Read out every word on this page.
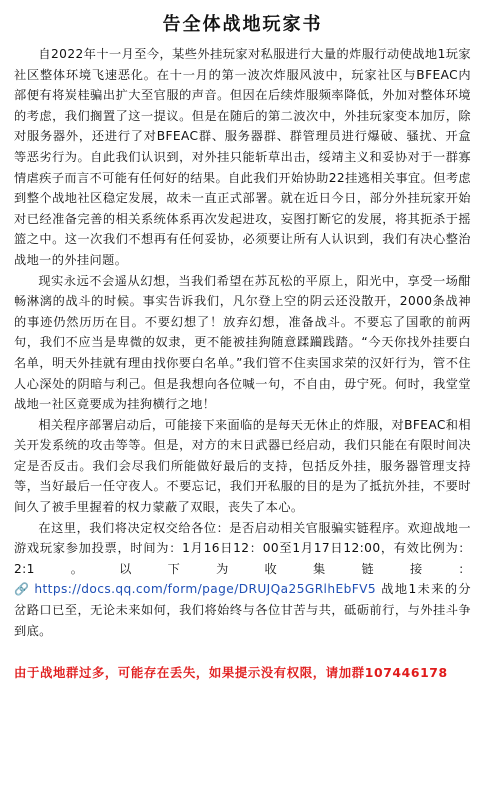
告全体战地玩家书

自2022年十一月至今，某些外挂玩家对私服进行大量的炸服行动使战地1玩家社区整体环境飞速恶化。在十一月的第一波次炸服风波中，玩家社区与BFEAC内部便有将炭桂骗出扩大至官服的声音。但因在后续炸服频率降低，外加对整体环境的考虑，我们搁置了这一提议。但是在随后的第二波次中，外挂玩家变本加厉，除对服务器外，还进行了对BFEAC群、服务器群、群管理员进行爆破、骚扰、开盒等恶劣行为。自此我们认识到，对外挂只能斩草出击，绥靖主义和妥协对于一群寡情虐疾子而言不可能有任何好的结果。自此我们开始协助22挂逃相关事宜。但考虑到整个战地社区稳定发展，故未一直正式部署。就在近日今日，部分外挂玩家开始对已经准备完善的相关系统体系再次发起进攻，妄图打断它的发展，将其扼杀于摇篮之中。这一次我们不想再有任何妥协，必须要让所有人认识到，我们有决心整治战地一的外挂问题。

现实永远不会遥从幻想，当我们希望在苏瓦松的平原上，阳光中，享受一场酣畅淋漓的战斗的时候。事实告诉我们，凡尔登上空的阴云还没散开，2000条战神的事迹仍然历历在目。不要幻想了！放弃幻想，准备战斗。不要忘了国歌的前两句，我们不应当是卑微的奴隶，更不能被挂狗随意蹂躏践踏。“今天你找外挂要白名单，明天外挂就有理由找你要白名单。”我们管不住卖国求荣的汉奸行为，管不住人心深处的阴暗与利己。但是我想向各位喊一句，不自由，毋宁死。何时，我堂堂战地一社区竟要成为挂狗横行之地！

相关程序部署启动后，可能接下来面临的是每天无休止的炸服，对BFEAC和相关开发系统的攻击等等。但是，对方的末日武器已经启动，我们只能在有限时间决定是否反击。我们会尽我们所能做好最后的支持，包括反外挂，服务器管理支持等，当好最后一任守夜人。不要忘记，我们开私服的目的是为了抵抗外挂，不要时间久了被手里握着的权力蒙蔽了双眼，丧失了本心。

在这里，我们将决定权交给各位：是否启动相关官服骗实链程序。欢迎战地一游戏玩家参加投票，时间为：1月16日12：00至1月17日12:00，有效比例为：2:1。以下为收集链接： 🔗 https://docs.qq.com/form/page/DRUJQa25GRlhEbFV5 战地1未来的分岔路口已至，无论未来如何，我们将始终与各位甘苦与共，砥砺前行，与外挂斗争到底。

由于战地群过多，可能存在丢失，如果提示没有权限，请加群107446178
